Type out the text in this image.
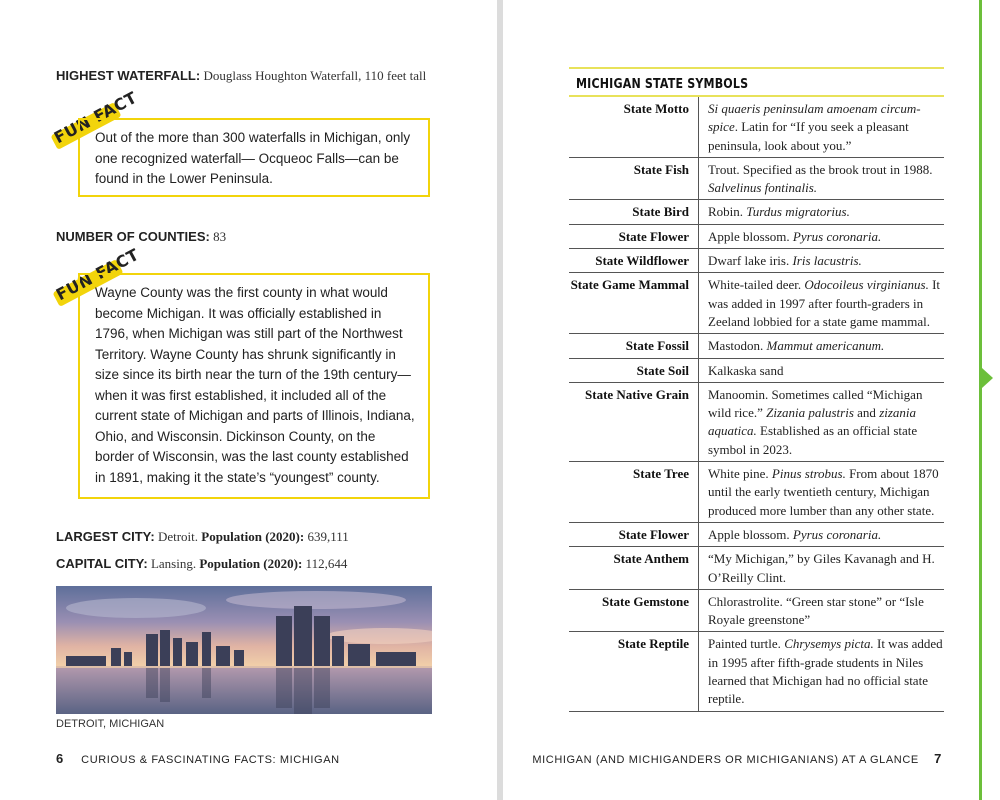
HIGHEST WATERFALL: Douglass Houghton Waterfall, 110 feet tall
FUN FACT
Out of the more than 300 waterfalls in Michigan, only one recognized waterfall— Ocqueoc Falls—can be found in the Lower Peninsula.
NUMBER OF COUNTIES: 83
FUN FACT
Wayne County was the first county in what would become Michigan. It was officially established in 1796, when Michigan was still part of the Northwest Territory. Wayne County has shrunk significantly in size since its birth near the turn of the 19th century—when it was first established, it included all of the current state of Michigan and parts of Illinois, Indiana, Ohio, and Wisconsin. Dickinson County, on the border of Wisconsin, was the last county established in 1891, making it the state’s “youngest” county.
LARGEST CITY: Detroit. Population (2020): 639,111
CAPITAL CITY: Lansing. Population (2020): 112,644
DETROIT, MICHIGAN
6 CURIOUS & FASCINATING FACTS: MICHIGAN
MICHIGAN STATE SYMBOLS
State Motto	Si quaeris peninsulam amoenam circum-spice. Latin for “If you seek a pleasant peninsula, look about you.”
State Fish	Trout. Specified as the brook trout in 1988. Salvelinus fontinalis.
State Bird	Robin. Turdus migratorius.
State Flower	Apple blossom. Pyrus coronaria.
State Wildflower	Dwarf lake iris. Iris lacustris.
State Game Mammal	White-tailed deer. Odocoileus virginianus. It was added in 1997 after fourth-graders in Zeeland lobbied for a state game mammal.
State Fossil	Mastodon. Mammut americanum.
State Soil	Kalkaska sand
State Native Grain	Manoomin. Sometimes called “Michigan wild rice.” Zizania palustris and zizania aquatica. Established as an official state symbol in 2023.
State Tree	White pine. Pinus strobus. From about 1870 until the early twentieth century, Michigan produced more lumber than any other state.
State Flower	Apple blossom. Pyrus coronaria.
State Anthem	“My Michigan,” by Giles Kavanagh and H. O’Reilly Clint.
State Gemstone	Chlorastrolite. “Green star stone” or “Isle Royale greenstone”
State Reptile	Painted turtle. Chrysemys picta. It was added in 1995 after fifth-grade students in Niles learned that Michigan had no official state reptile.
MICHIGAN (AND MICHIGANDERS OR MICHIGANIANS) AT A GLANCE 7
